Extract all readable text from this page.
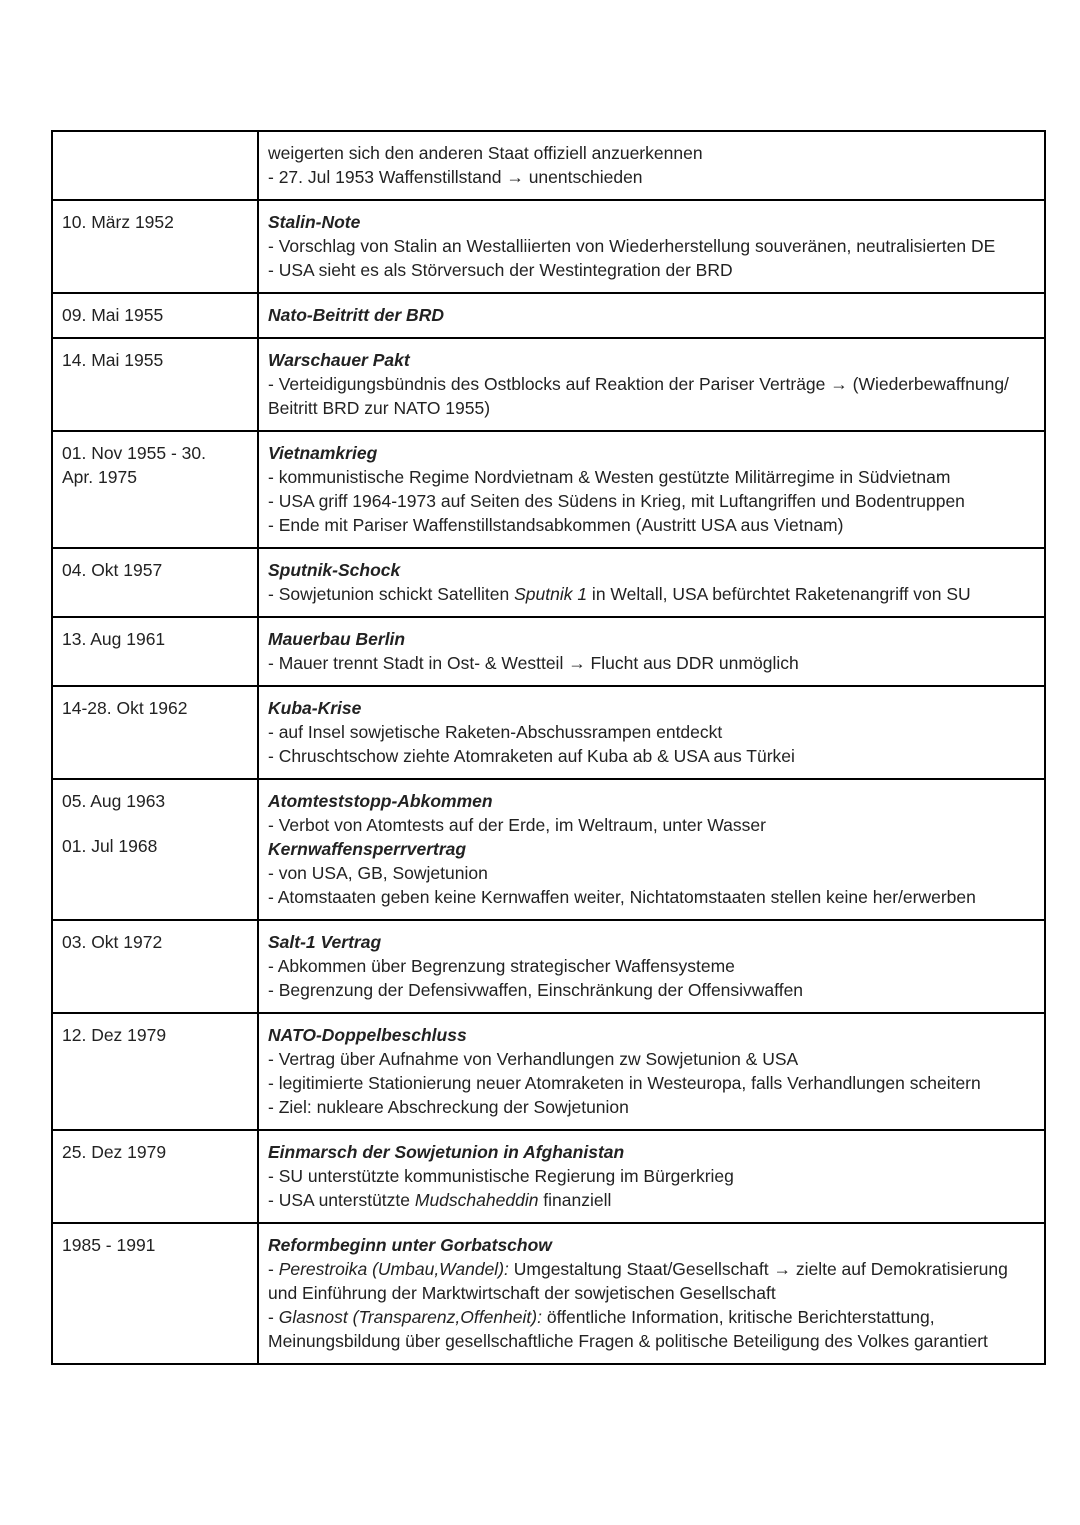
	weigerten sich den anderen Staat offiziell anzuerkennen
- 27. Jul 1953 Waffenstillstand → unentschieden

10. März 1952	Stalin-Note
- Vorschlag von Stalin an Westalliierten von Wiederherstellung souveränen, neutralisierten DE
- USA sieht es als Störversuch der Westintegration der BRD

09. Mai 1955	Nato-Beitritt der BRD

14. Mai 1955	Warschauer Pakt
- Verteidigungsbündnis des Ostblocks auf Reaktion der Pariser Verträge → (Wiederbewaffnung/
Beitritt BRD zur NATO 1955)

01. Nov 1955 - 30.
Apr. 1975	Vietnamkrieg
- kommunistische Regime Nordvietnam & Westen gestützte Militärregime in Südvietnam
- USA griff 1964-1973 auf Seiten des Südens in Krieg, mit Luftangriffen und Bodentruppen
- Ende mit Pariser Waffenstillstandsabkommen (Austritt USA aus Vietnam)

04. Okt 1957	Sputnik-Schock
- Sowjetunion schickt Satelliten Sputnik 1 in Weltall, USA befürchtet Raketenangriff von SU

13. Aug 1961	Mauerbau Berlin
- Mauer trennt Stadt in Ost- & Westteil → Flucht aus DDR unmöglich

14-28. Okt 1962	Kuba-Krise
- auf Insel sowjetische Raketen-Abschussrampen entdeckt
- Chruschtschow ziehte Atomraketen auf Kuba ab & USA aus Türkei

05. Aug 1963
01. Jul 1968	Atomteststopp-Abkommen
- Verbot von Atomtests auf der Erde, im Weltraum, unter Wasser
Kernwaffensperrvertrag
- von USA, GB, Sowjetunion
- Atomstaaten geben keine Kernwaffen weiter, Nichtatomstaaten stellen keine her/erwerben

03. Okt 1972	Salt-1 Vertrag
- Abkommen über Begrenzung strategischer Waffensysteme
- Begrenzung der Defensivwaffen, Einschränkung der Offensivwaffen

12. Dez 1979	NATO-Doppelbeschluss
- Vertrag über Aufnahme von Verhandlungen zw Sowjetunion & USA
- legitimierte Stationierung neuer Atomraketen in Westeuropa, falls Verhandlungen scheitern
- Ziel: nukleare Abschreckung der Sowjetunion

25. Dez 1979	Einmarsch der Sowjetunion in Afghanistan
- SU unterstützte kommunistische Regierung im Bürgerkrieg
- USA unterstützte Mudschaheddin finanziell

1985 - 1991	Reformbeginn unter Gorbatschow
- Perestroika (Umbau,Wandel): Umgestaltung Staat/Gesellschaft → zielte auf Demokratisierung
und Einführung der Marktwirtschaft der sowjetischen Gesellschaft
- Glasnost (Transparenz,Offenheit): öffentliche Information, kritische Berichterstattung,
Meinungsbildung über gesellschaftliche Fragen & politische Beteiligung des Volkes garantiert
